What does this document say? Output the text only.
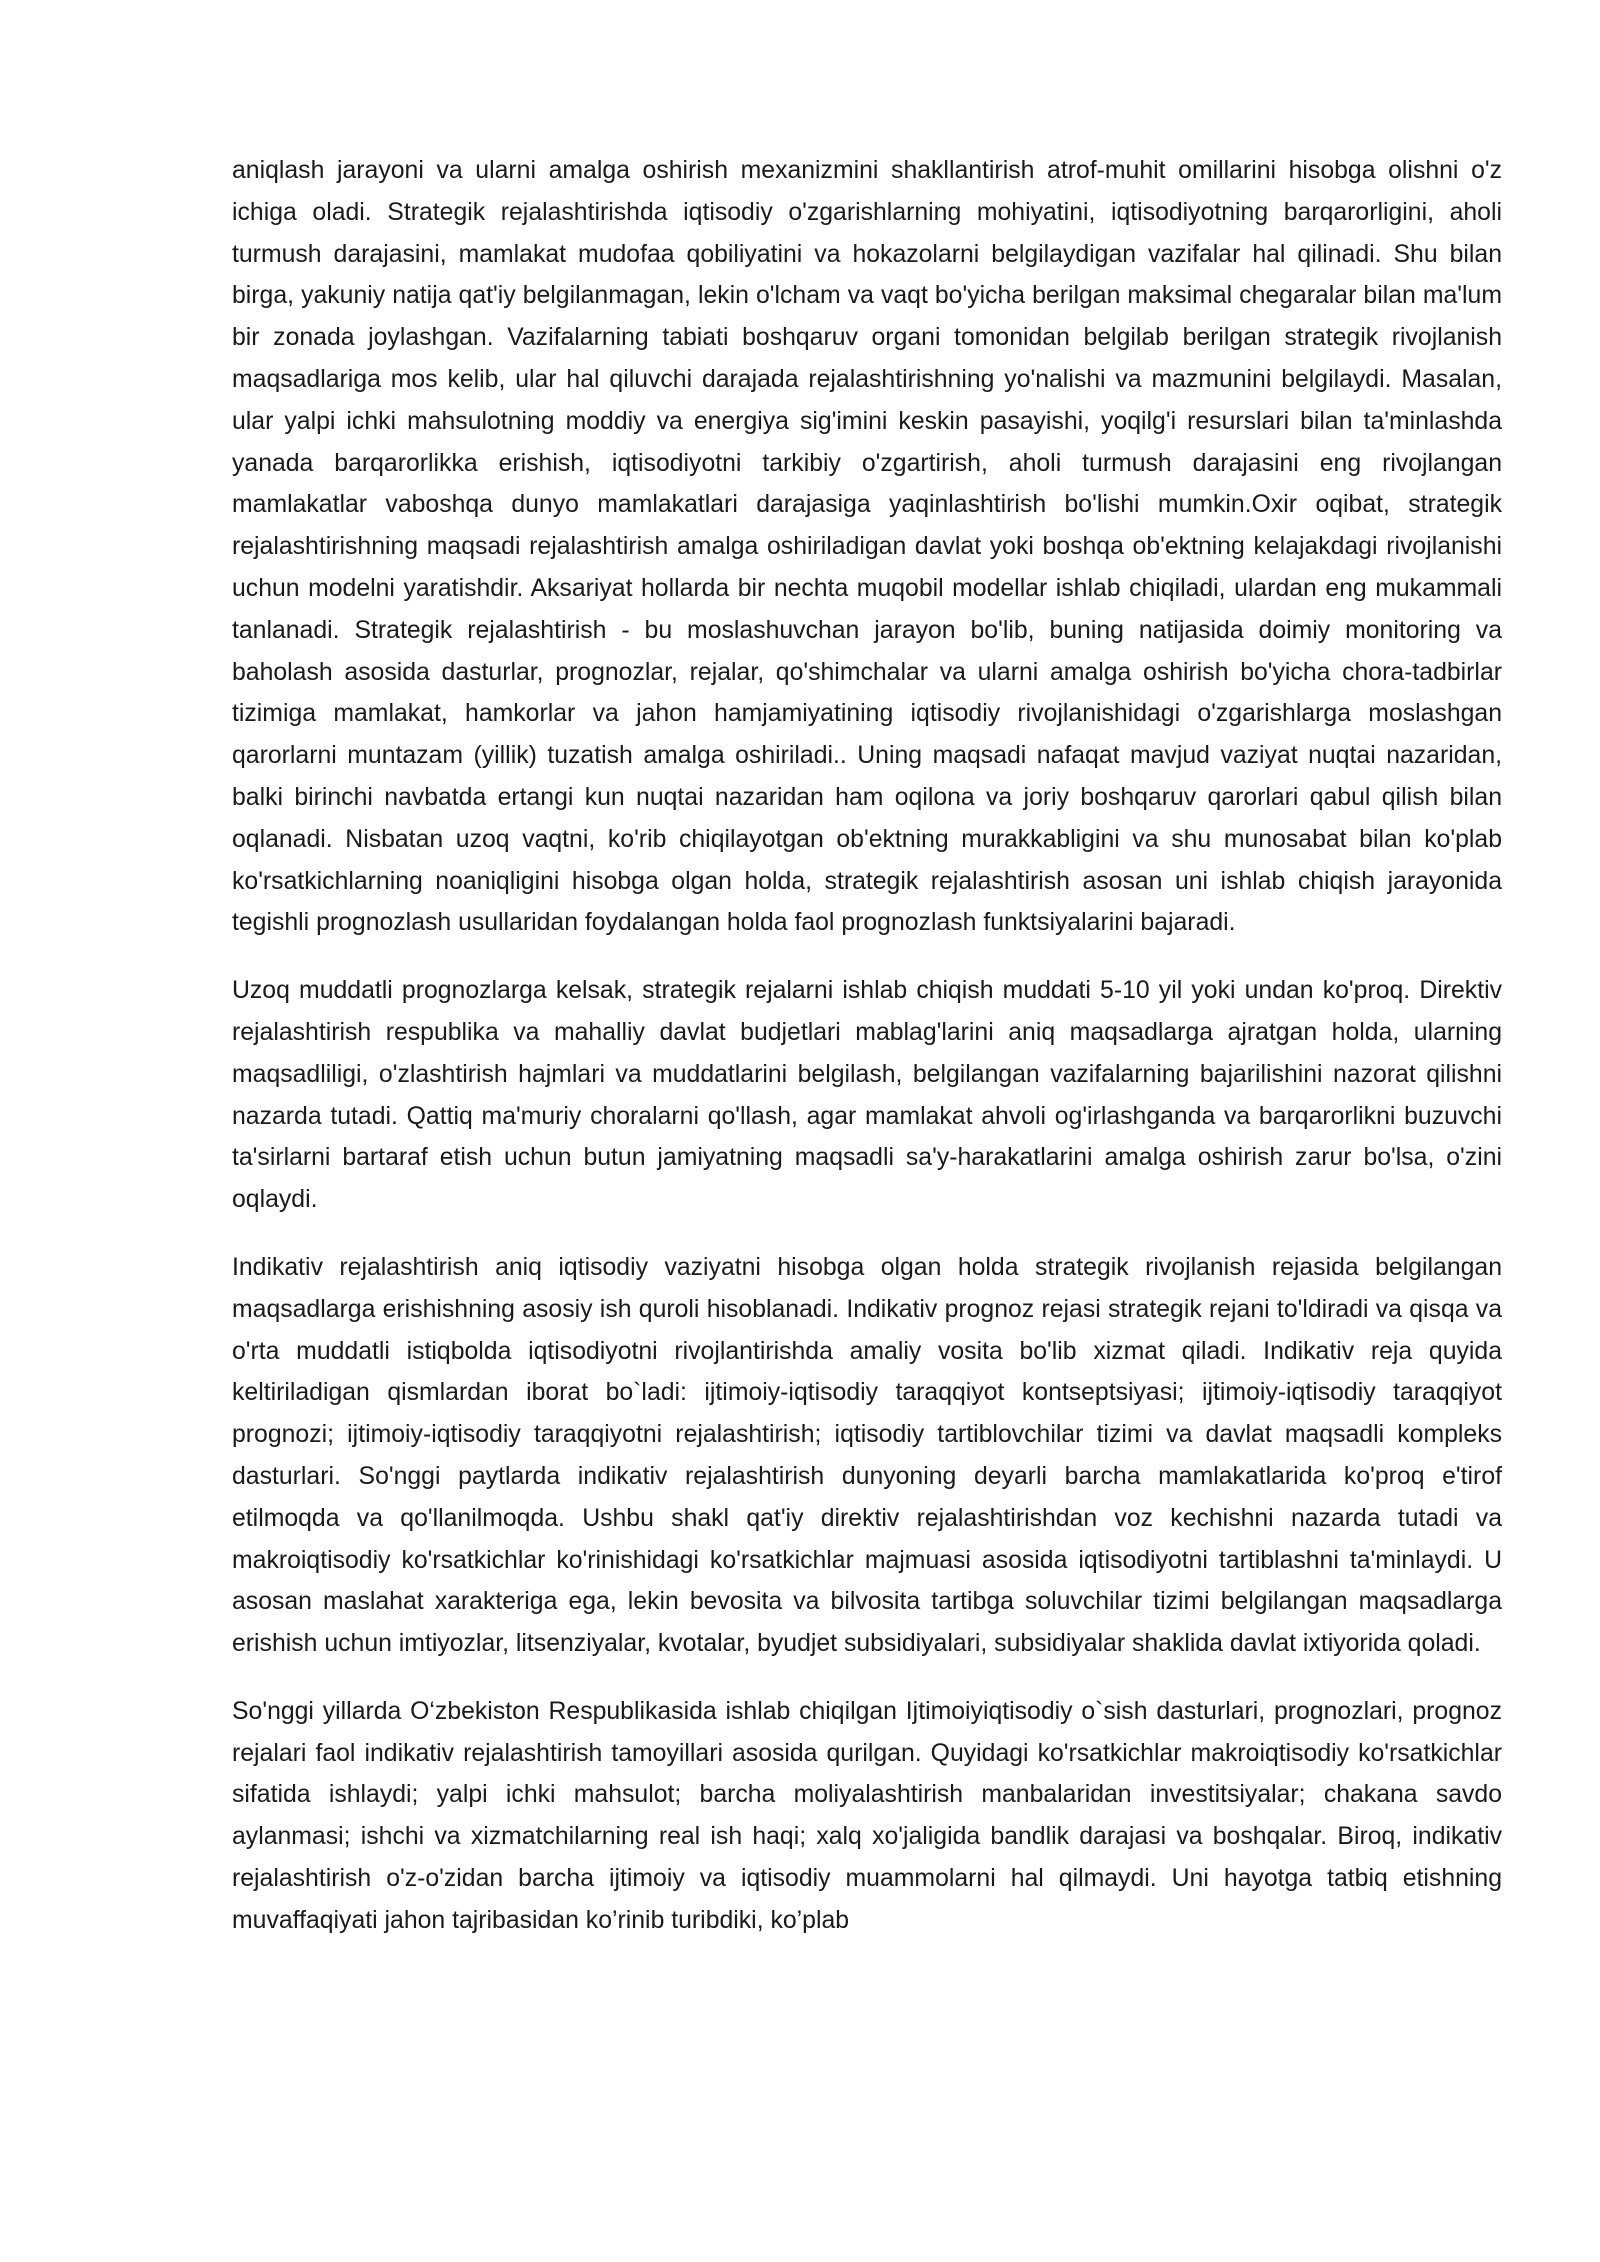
aniqlash jarayoni va ularni amalga oshirish mexanizmini shakllantirish atrof-muhit omillarini hisobga olishni o'z ichiga oladi. Strategik rejalashtirishda iqtisodiy o'zgarishlarning mohiyatini, iqtisodiyotning barqarorligini, aholi turmush darajasini, mamlakat mudofaa qobiliyatini va hokazolarni belgilaydigan vazifalar hal qilinadi. Shu bilan birga, yakuniy natija qat'iy belgilanmagan, lekin o'lcham va vaqt bo'yicha berilgan maksimal chegaralar bilan ma'lum bir zonada joylashgan. Vazifalarning tabiati boshqaruv organi tomonidan belgilab berilgan strategik rivojlanish maqsadlariga mos kelib, ular hal qiluvchi darajada rejalashtirishning yo'nalishi va mazmunini belgilaydi. Masalan, ular yalpi ichki mahsulotning moddiy va energiya sig'imini keskin pasayishi, yoqilg'i resurslari bilan ta'minlashda yanada barqarorlikka erishish, iqtisodiyotni tarkibiy o'zgartirish, aholi turmush darajasini eng rivojlangan mamlakatlar vaboshqa dunyo mamlakatlari darajasiga yaqinlashtirish bo'lishi mumkin.Oxir oqibat, strategik rejalashtirishning maqsadi rejalashtirish amalga oshiriladigan davlat yoki boshqa ob'ektning kelajakdagi rivojlanishi uchun modelni yaratishdir. Aksariyat hollarda bir nechta muqobil modellar ishlab chiqiladi, ulardan eng mukammali tanlanadi. Strategik rejalashtirish - bu moslashuvchan jarayon bo'lib, buning natijasida doimiy monitoring va baholash asosida dasturlar, prognozlar, rejalar, qo'shimchalar va ularni amalga oshirish bo'yicha chora-tadbirlar tizimiga mamlakat, hamkorlar va jahon hamjamiyatining iqtisodiy rivojlanishidagi o'zgarishlarga moslashgan qarorlarni muntazam (yillik) tuzatish amalga oshiriladi.. Uning maqsadi nafaqat mavjud vaziyat nuqtai nazaridan, balki birinchi navbatda ertangi kun nuqtai nazaridan ham oqilona va joriy boshqaruv qarorlari qabul qilish bilan oqlanadi. Nisbatan uzoq vaqtni, ko'rib chiqilayotgan ob'ektning murakkabligini va shu munosabat bilan ko'plab ko'rsatkichlarning noaniqligini hisobga olgan holda, strategik rejalashtirish asosan uni ishlab chiqish jarayonida tegishli prognozlash usullaridan foydalangan holda faol prognozlash funktsiyalarini bajaradi.

Uzoq muddatli prognozlarga kelsak, strategik rejalarni ishlab chiqish muddati 5-10 yil yoki undan ko'proq. Direktiv rejalashtirish respublika va mahalliy davlat budjetlari mablag'larini aniq maqsadlarga ajratgan holda, ularning maqsadliligi, o'zlashtirish hajmlari va muddatlarini belgilash, belgilangan vazifalarning bajarilishini nazorat qilishni nazarda tutadi. Qattiq ma'muriy choralarni qo'llash, agar mamlakat ahvoli og'irlashganda va barqarorlikni buzuvchi ta'sirlarni bartaraf etish uchun butun jamiyatning maqsadli sa'y-harakatlarini amalga oshirish zarur bo'lsa, o'zini oqlaydi.

Indikativ rejalashtirish aniq iqtisodiy vaziyatni hisobga olgan holda strategik rivojlanish rejasida belgilangan maqsadlarga erishishning asosiy ish quroli hisoblanadi. Indikativ prognoz rejasi strategik rejani to'ldiradi va qisqa va o'rta muddatli istiqbolda iqtisodiyotni rivojlantirishda amaliy vosita bo'lib xizmat qiladi. Indikativ reja quyida keltiriladigan qismlardan iborat bo`ladi: ijtimoiy-iqtisodiy taraqqiyot kontseptsiyasi; ijtimoiy-iqtisodiy taraqqiyot prognozi; ijtimoiy-iqtisodiy taraqqiyotni rejalashtirish; iqtisodiy tartiblovchilar tizimi va davlat maqsadli kompleks dasturlari. So'nggi paytlarda indikativ rejalashtirish dunyoning deyarli barcha mamlakatlarida ko'proq e'tirof etilmoqda va qo'llanilmoqda. Ushbu shakl qat'iy direktiv rejalashtirishdan voz kechishni nazarda tutadi va makroiqtisodiy ko'rsatkichlar ko'rinishidagi ko'rsatkichlar majmuasi asosida iqtisodiyotni tartiblashni ta'minlaydi. U asosan maslahat xarakteriga ega, lekin bevosita va bilvosita tartibga soluvchilar tizimi belgilangan maqsadlarga erishish uchun imtiyozlar, litsenziyalar, kvotalar, byudjet subsidiyalari, subsidiyalar shaklida davlat ixtiyorida qoladi.

So'nggi yillarda O‘zbekiston Respublikasida ishlab chiqilgan Ijtimoiyiqtisodiy o`sish dasturlari, prognozlari, prognoz rejalari faol indikativ rejalashtirish tamoyillari asosida qurilgan. Quyidagi ko'rsatkichlar makroiqtisodiy ko'rsatkichlar sifatida ishlaydi; yalpi ichki mahsulot; barcha moliyalashtirish manbalaridan investitsiyalar; chakana savdo aylanmasi; ishchi va xizmatchilarning real ish haqi; xalq xo'jaligida bandlik darajasi va boshqalar. Biroq, indikativ rejalashtirish o'z-o'zidan barcha ijtimoiy va iqtisodiy muammolarni hal qilmaydi. Uni hayotga tatbiq etishning muvaffaqiyati jahon tajribasidan ko’rinib turibdiki, ko’plab
